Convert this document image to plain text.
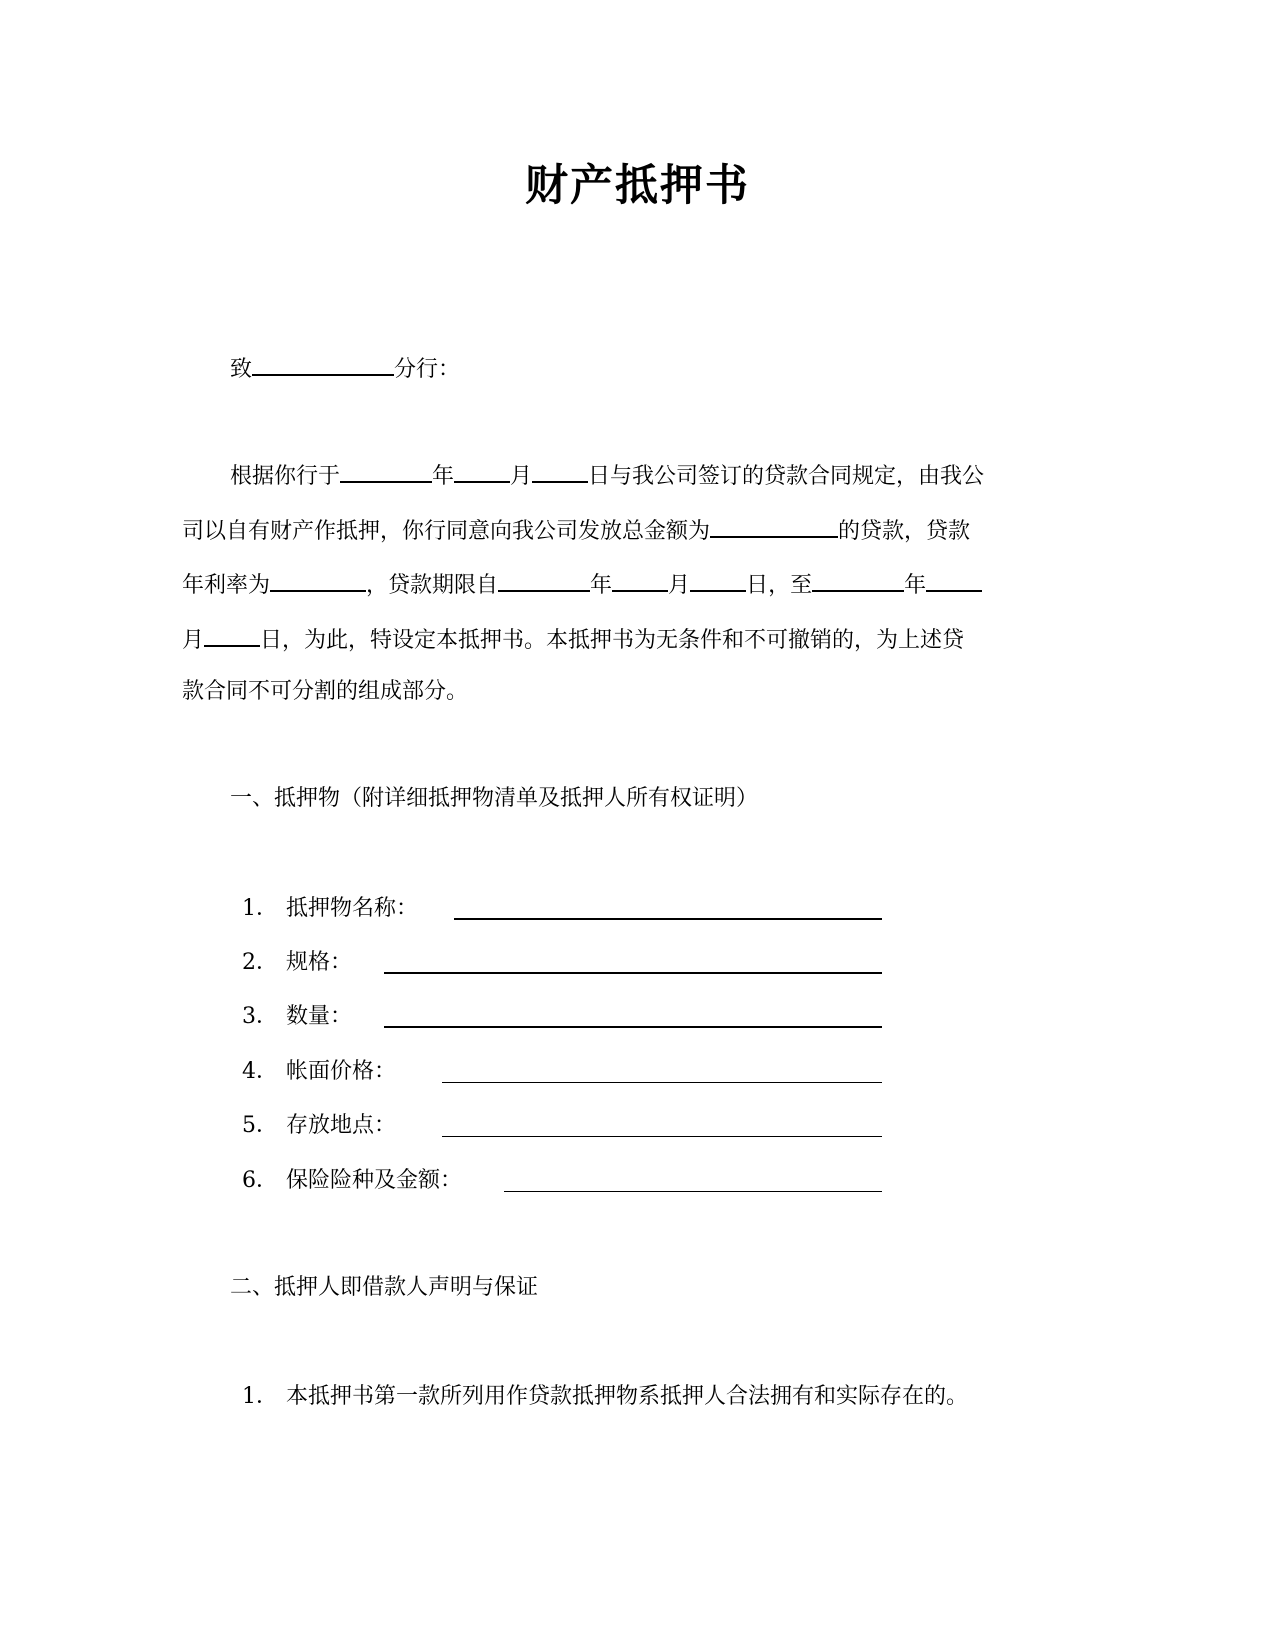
财产抵押书
致	分行：
根据你行于	年	月	日与我公司签订的贷款合同规定，由我公
司以自有财产作抵押，你行同意向我公司发放总金额为	的贷款，贷款
年利率为	，贷款期限自	年	月	日，至	年
月	日，为此，特设定本抵押书。本抵押书为无条件和不可撤销的，为上述贷
款合同不可分割的组成部分。
一、抵押物（附详细抵押物清单及抵押人所有权证明）
1． 抵押物名称：
2． 规格：
3． 数量：
4． 帐面价格：
5． 存放地点：
6． 保险险种及金额：
二、抵押人即借款人声明与保证
1． 本抵押书第一款所列用作贷款抵押物系抵押人合法拥有和实际存在的。
